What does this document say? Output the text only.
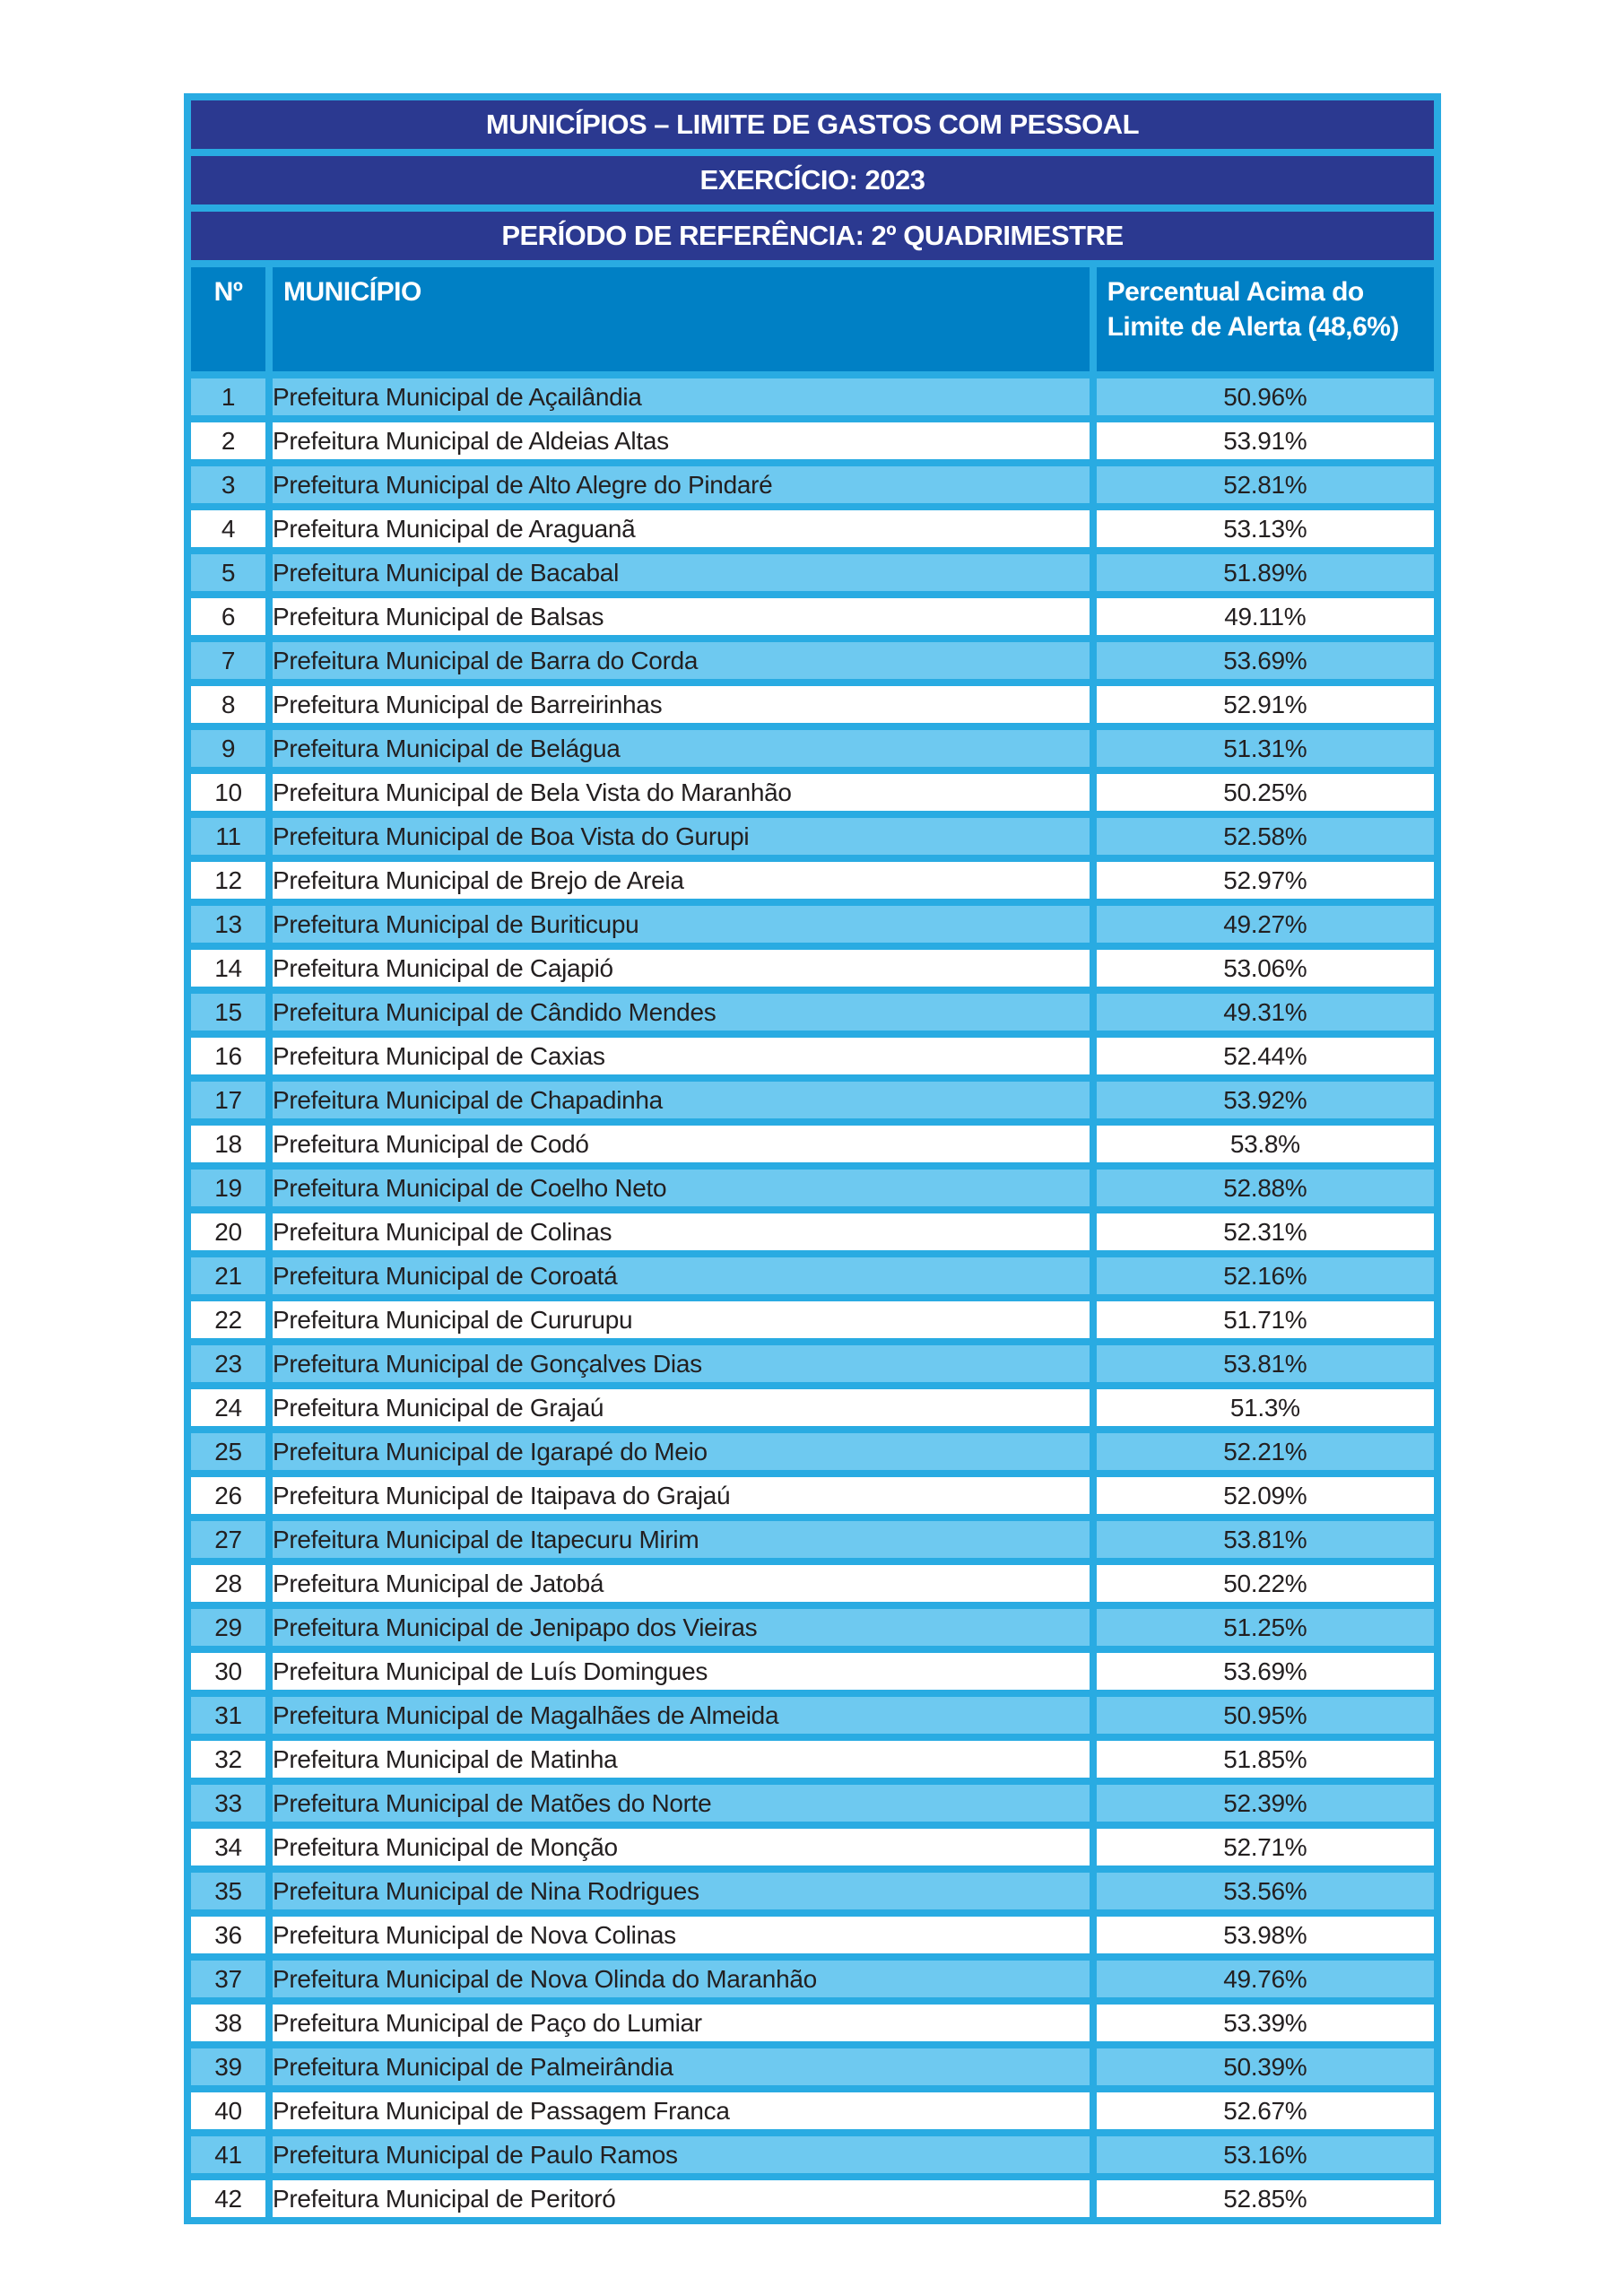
MUNICÍPIOS – LIMITE DE GASTOS COM PESSOAL		
EXERCÍCIO: 2023		
PERÍODO DE REFERÊNCIA: 2º QUADRIMESTRE		
Nº	MUNICÍPIO	Percentual Acima do Limite de Alerta (48,6%)
1	Prefeitura Municipal de Açailândia	50.96%
2	Prefeitura Municipal de Aldeias Altas	53.91%
3	Prefeitura Municipal de Alto Alegre do Pindaré	52.81%
4	Prefeitura Municipal de Araguanã	53.13%
5	Prefeitura Municipal de Bacabal	51.89%
6	Prefeitura Municipal de Balsas	49.11%
7	Prefeitura Municipal de Barra do Corda	53.69%
8	Prefeitura Municipal de Barreirinhas	52.91%
9	Prefeitura Municipal de Belágua	51.31%
10	Prefeitura Municipal de Bela Vista do Maranhão	50.25%
11	Prefeitura Municipal de Boa Vista do Gurupi	52.58%
12	Prefeitura Municipal de Brejo de Areia	52.97%
13	Prefeitura Municipal de Buriticupu	49.27%
14	Prefeitura Municipal de Cajapió	53.06%
15	Prefeitura Municipal de Cândido Mendes	49.31%
16	Prefeitura Municipal de Caxias	52.44%
17	Prefeitura Municipal de Chapadinha	53.92%
18	Prefeitura Municipal de Codó	53.8%
19	Prefeitura Municipal de Coelho Neto	52.88%
20	Prefeitura Municipal de Colinas	52.31%
21	Prefeitura Municipal de Coroatá	52.16%
22	Prefeitura Municipal de Cururupu	51.71%
23	Prefeitura Municipal de Gonçalves Dias	53.81%
24	Prefeitura Municipal de Grajaú	51.3%
25	Prefeitura Municipal de Igarapé do Meio	52.21%
26	Prefeitura Municipal de Itaipava do Grajaú	52.09%
27	Prefeitura Municipal de Itapecuru Mirim	53.81%
28	Prefeitura Municipal de Jatobá	50.22%
29	Prefeitura Municipal de Jenipapo dos Vieiras	51.25%
30	Prefeitura Municipal de Luís Domingues	53.69%
31	Prefeitura Municipal de Magalhães de Almeida	50.95%
32	Prefeitura Municipal de Matinha	51.85%
33	Prefeitura Municipal de Matões do Norte	52.39%
34	Prefeitura Municipal de Monção	52.71%
35	Prefeitura Municipal de Nina Rodrigues	53.56%
36	Prefeitura Municipal de Nova Colinas	53.98%
37	Prefeitura Municipal de Nova Olinda do Maranhão	49.76%
38	Prefeitura Municipal de Paço do Lumiar	53.39%
39	Prefeitura Municipal de Palmeirândia	50.39%
40	Prefeitura Municipal de Passagem Franca	52.67%
41	Prefeitura Municipal de Paulo Ramos	53.16%
42	Prefeitura Municipal de Peritoró	52.85%
